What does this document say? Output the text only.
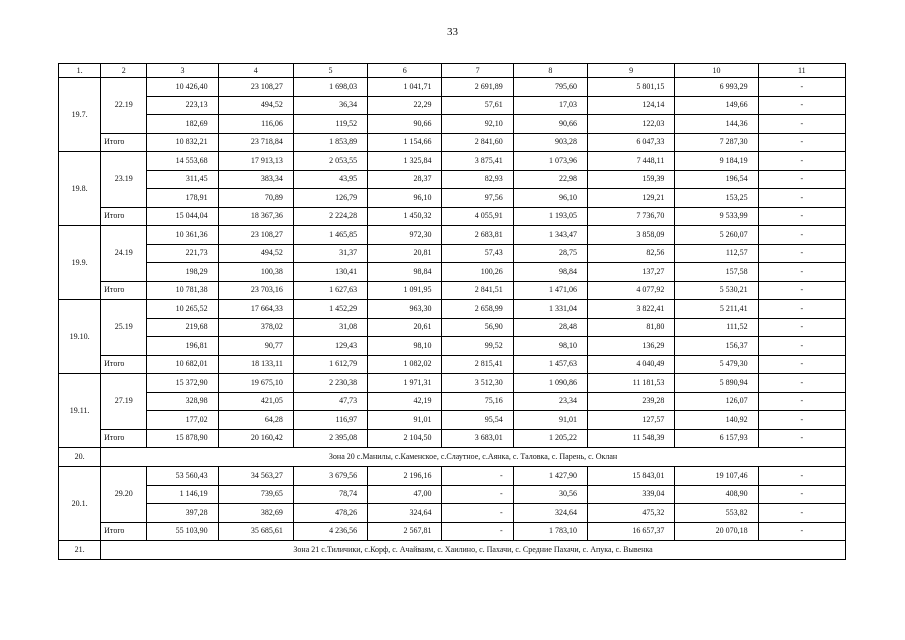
33
1.	2	3	4	5	6	7	8	9	10	11
19.7.	22.19	10 426,40	23 108,27	1 698,03	1 041,71	2 691,89	795,60	5 801,15	6 993,29	-
		223,13	494,52	36,34	22,29	57,61	17,03	124,14	149,66	-
		182,69	116,06	119,52	90,66	92,10	90,66	122,03	144,36	-
	Итого	10 832,21	23 718,84	1 853,89	1 154,66	2 841,60	903,28	6 047,33	7 287,30	-
19.8.	23.19	14 553,68	17 913,13	2 053,55	1 325,84	3 875,41	1 073,96	7 448,11	9 184,19	-
		311,45	383,34	43,95	28,37	82,93	22,98	159,39	196,54	-
		178,91	70,89	126,79	96,10	97,56	96,10	129,21	153,25	-
	Итого	15 044,04	18 367,36	2 224,28	1 450,32	4 055,91	1 193,05	7 736,70	9 533,99	-
19.9.	24.19	10 361,36	23 108,27	1 465,85	972,30	2 683,81	1 343,47	3 858,09	5 260,07	-
		221,73	494,52	31,37	20,81	57,43	28,75	82,56	112,57	-
		198,29	100,38	130,41	98,84	100,26	98,84	137,27	157,58	-
	Итого	10 781,38	23 703,16	1 627,63	1 091,95	2 841,51	1 471,06	4 077,92	5 530,21	-
19.10.	25.19	10 265,52	17 664,33	1 452,29	963,30	2 658,99	1 331,04	3 822,41	5 211,41	-
		219,68	378,02	31,08	20,61	56,90	28,48	81,80	111,52	-
		196,81	90,77	129,43	98,10	99,52	98,10	136,29	156,37	-
	Итого	10 682,01	18 133,11	1 612,79	1 082,02	2 815,41	1 457,63	4 040,49	5 479,30	-
19.11.	27.19	15 372,90	19 675,10	2 230,38	1 971,31	3 512,30	1 090,86	11 181,53	5 890,94	-
		328,98	421,05	47,73	42,19	75,16	23,34	239,28	126,07	-
		177,02	64,28	116,97	91,01	95,54	91,01	127,57	140,92	-
	Итого	15 878,90	20 160,42	2 395,08	2 104,50	3 683,01	1 205,22	11 548,39	6 157,93	-
20.	Зона 20 с.Манилы, с.Каменское, с.Слаутное, с.Аянка, с. Таловка, с. Парень, с. Оклан									
20.1.	29.20	53 560,43	34 563,27	3 679,56	2 196,16	-	1 427,90	15 843,01	19 107,46	-
		1 146,19	739,65	78,74	47,00	-	30,56	339,04	408,90	-
		397,28	382,69	478,26	324,64	-	324,64	475,32	553,82	-
	Итого	55 103,90	35 685,61	4 236,56	2 567,81	-	1 783,10	16 657,37	20 070,18	-
21.	Зона 21 с.Тиличики, с.Корф, с. Ачайваям, с. Хаилино, с. Пахачи, с. Средние Пахачи, с. Апука, с. Вывенка									
